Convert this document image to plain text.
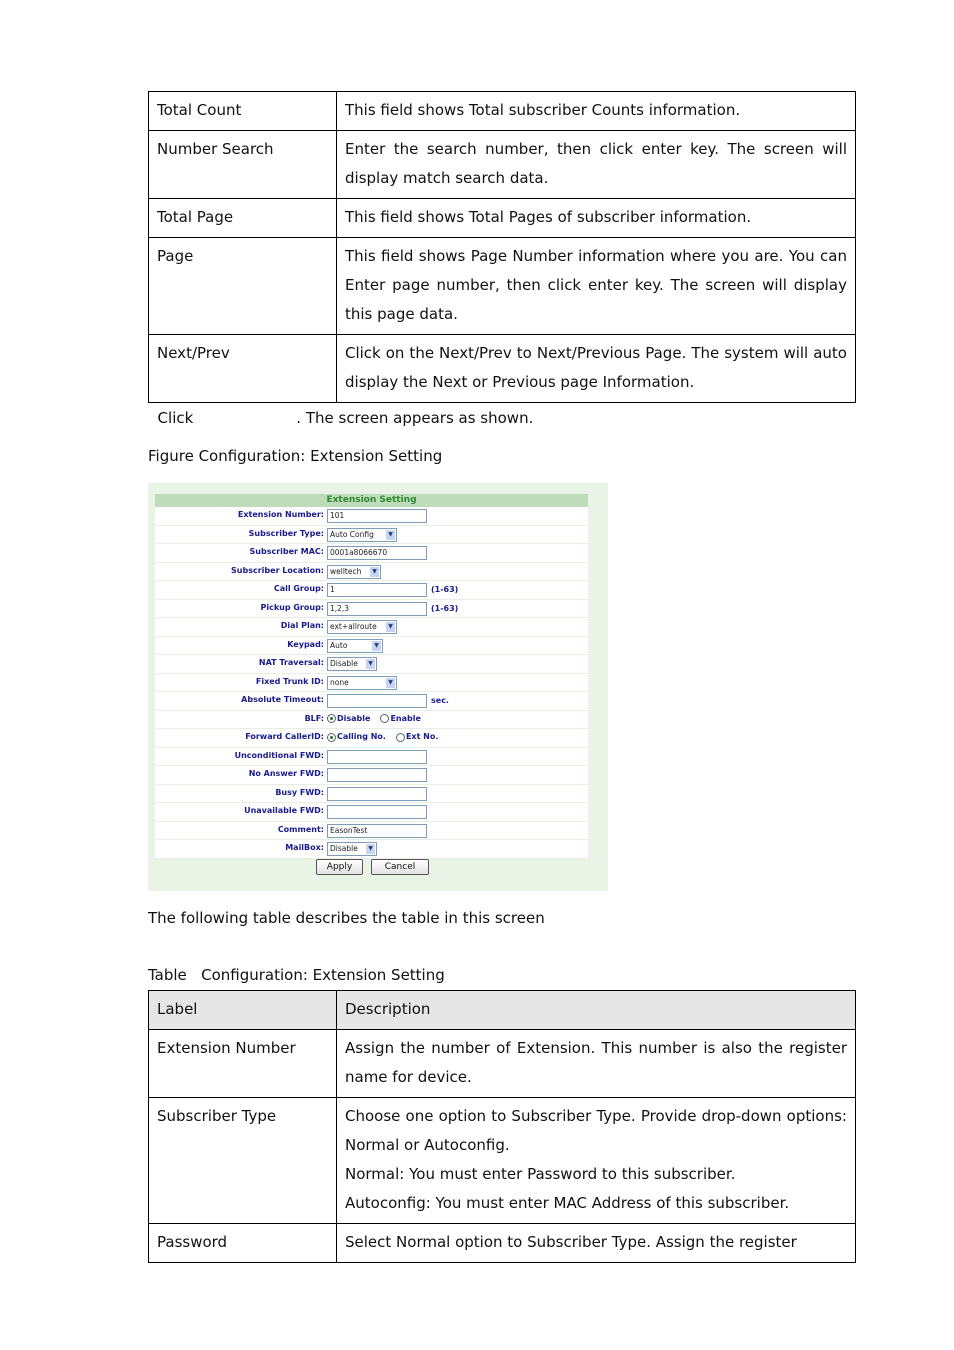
Total Count	This field shows Total subscriber Counts information.
Number Search	Enter the search number, then click enter key. The screen will display match search data.
Total Page	This field shows Total Pages of subscriber information.
Page	This field shows Page Number information where you are. You can Enter page number, then click enter key. The screen will display this page data.
Next/Prev	Click on the Next/Prev to Next/Previous Page. The system will auto display the Next or Previous page Information.

Click	. The screen appears as shown.

Figure Configuration: Extension Setting
Extension Setting
Extension Number: 101
Subscriber Type: Auto Config	▼
Subscriber MAC: 0001a8066670
Subscriber Location: welltech	▼
Call Group: 1	(1-63)
Pickup Group: 1,2,3	(1-63)
Dial Plan: ext+allroute	▼
Keypad: Auto	▼
NAT Traversal: Disable	▼
Fixed Trunk ID: none	▼
Absolute Timeout:	sec.
BLF:	Disable	Enable
Forward CallerID:	Calling No.	Ext No.
Unconditional FWD:
No Answer FWD:
Busy FWD:
Unavailable FWD:
Comment: EasonTest
MailBox: Disable	▼
Apply	Cancel
The following table describes the table in this screen
Table   Configuration: Extension Setting
Label	Description
Extension Number	Assign the number of Extension. This number is also the register name for device.

Subscriber Type	Choose one option to Subscriber Type. Provide drop-down options: Normal or Autoconfig.
Normal: You must enter Password to this subscriber.
Autoconfig: You must enter MAC Address of this subscriber.

Password	Select Normal option to Subscriber Type. Assign the register
